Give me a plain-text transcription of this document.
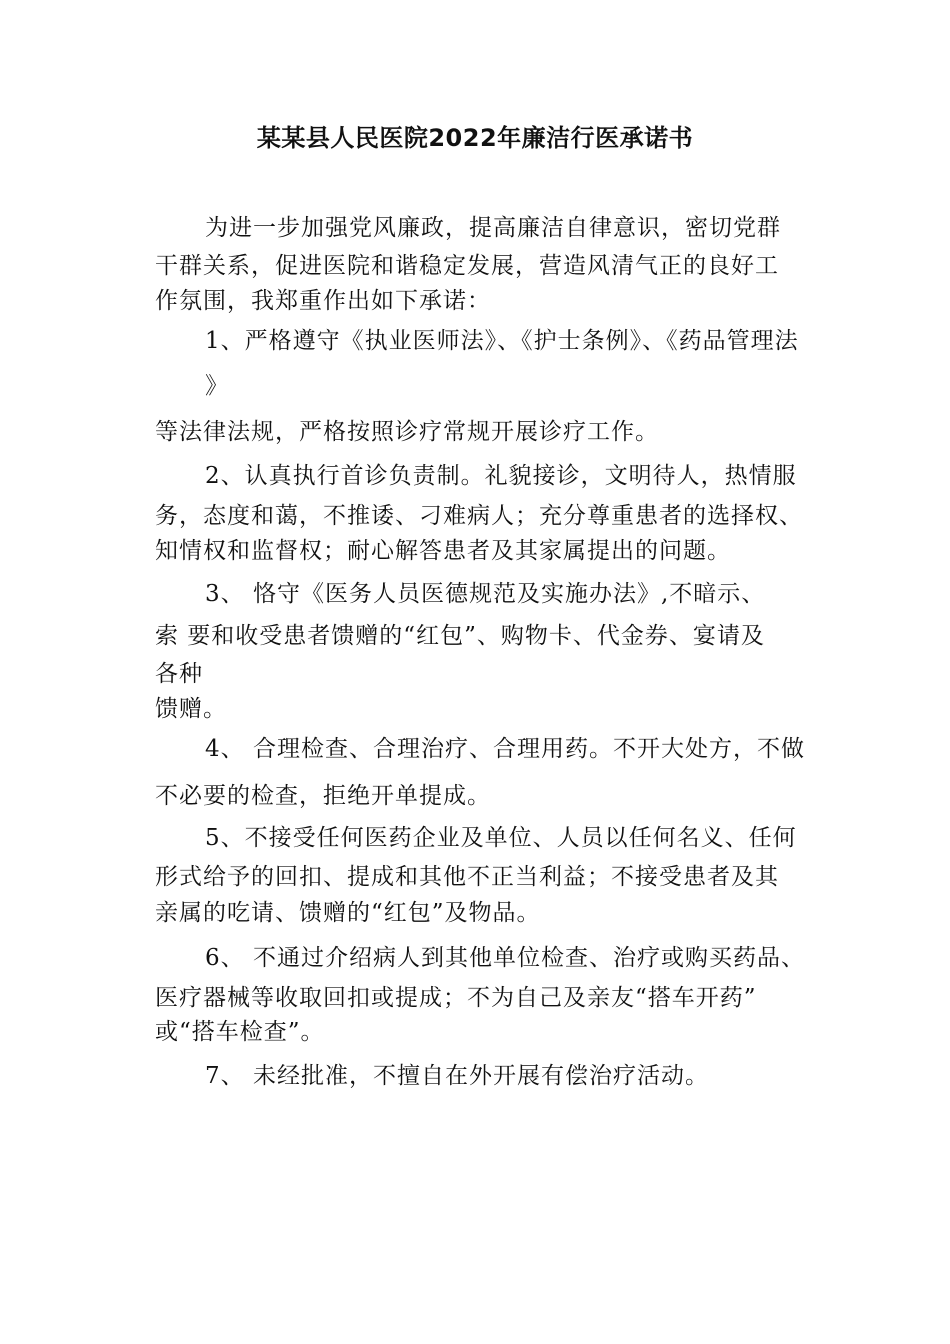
某某县人民医院2022年廉洁行医承诺书
为进一步加强党风廉政，提高廉洁自律意识，密切党群
干群关系，促进医院和谐稳定发展，营造风清气正的良好工
作氛围，我郑重作出如下承诺：
1、严格遵守《执业医师法》、《护士条例》、《药品管理法
》
等法律法规，严格按照诊疗常规开展诊疗工作。
2、认真执行首诊负责制。礼貌接诊，文明待人，热情服
务，态度和蔼，不推诿、刁难病人；充分尊重患者的选择权、
知情权和监督权；耐心解答患者及其家属提出的问题。
3、 恪守《医务人员医德规范及实施办法》,不暗示、
索 要和收受患者馈赠的“红包”、购物卡、代金券、宴请及
各种
馈赠。
4、 合理检查、合理治疗、合理用药。不开大处方，不做
不必要的检查，拒绝开单提成。
5、不接受任何医药企业及单位、人员以任何名义、任何
形式给予的回扣、提成和其他不正当利益；不接受患者及其
亲属的吃请、馈赠的“红包”及物品。
6、 不通过介绍病人到其他单位检查、治疗或购买药品、
医疗器械等收取回扣或提成；不为自己及亲友“搭车开药”
或“搭车检查”。
7、 未经批准，不擅自在外开展有偿治疗活动。
